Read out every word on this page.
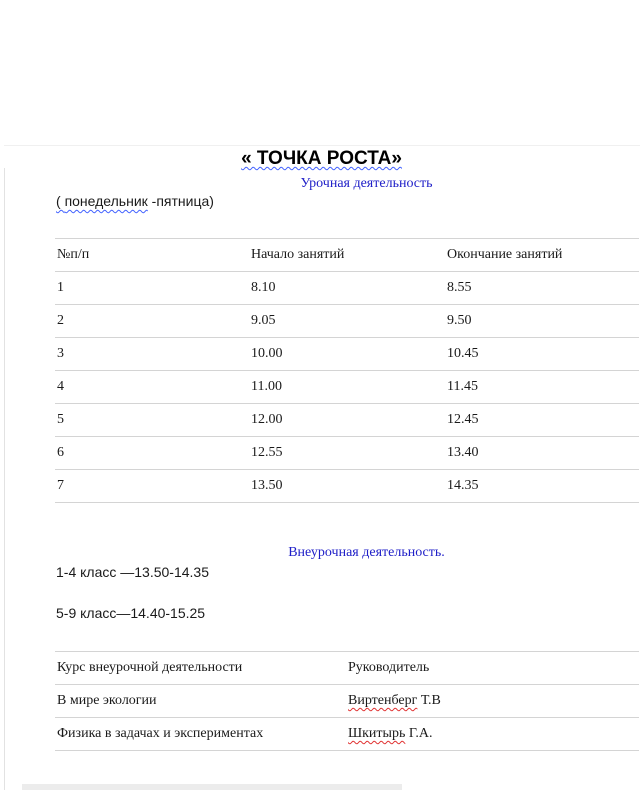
« ТОЧКА РОСТА»
Урочная деятельность
( понедельник -пятница)
№п/п	Начало занятий	Окончание занятий
1	8.10	8.55
2	9.05	9.50
3	10.00	10.45
4	11.00	11.45
5	12.00	12.45
6	12.55	13.40
7	13.50	14.35
Внеурочная деятельность.
1-4 класс —13.50-14.35
5-9 класс—14.40-15.25
Курс внеурочной деятельности	Руководитель
В мире экологии	Виртенберг Т.В
Физика в задачах и экспериментах	Шкитырь Г.А.
